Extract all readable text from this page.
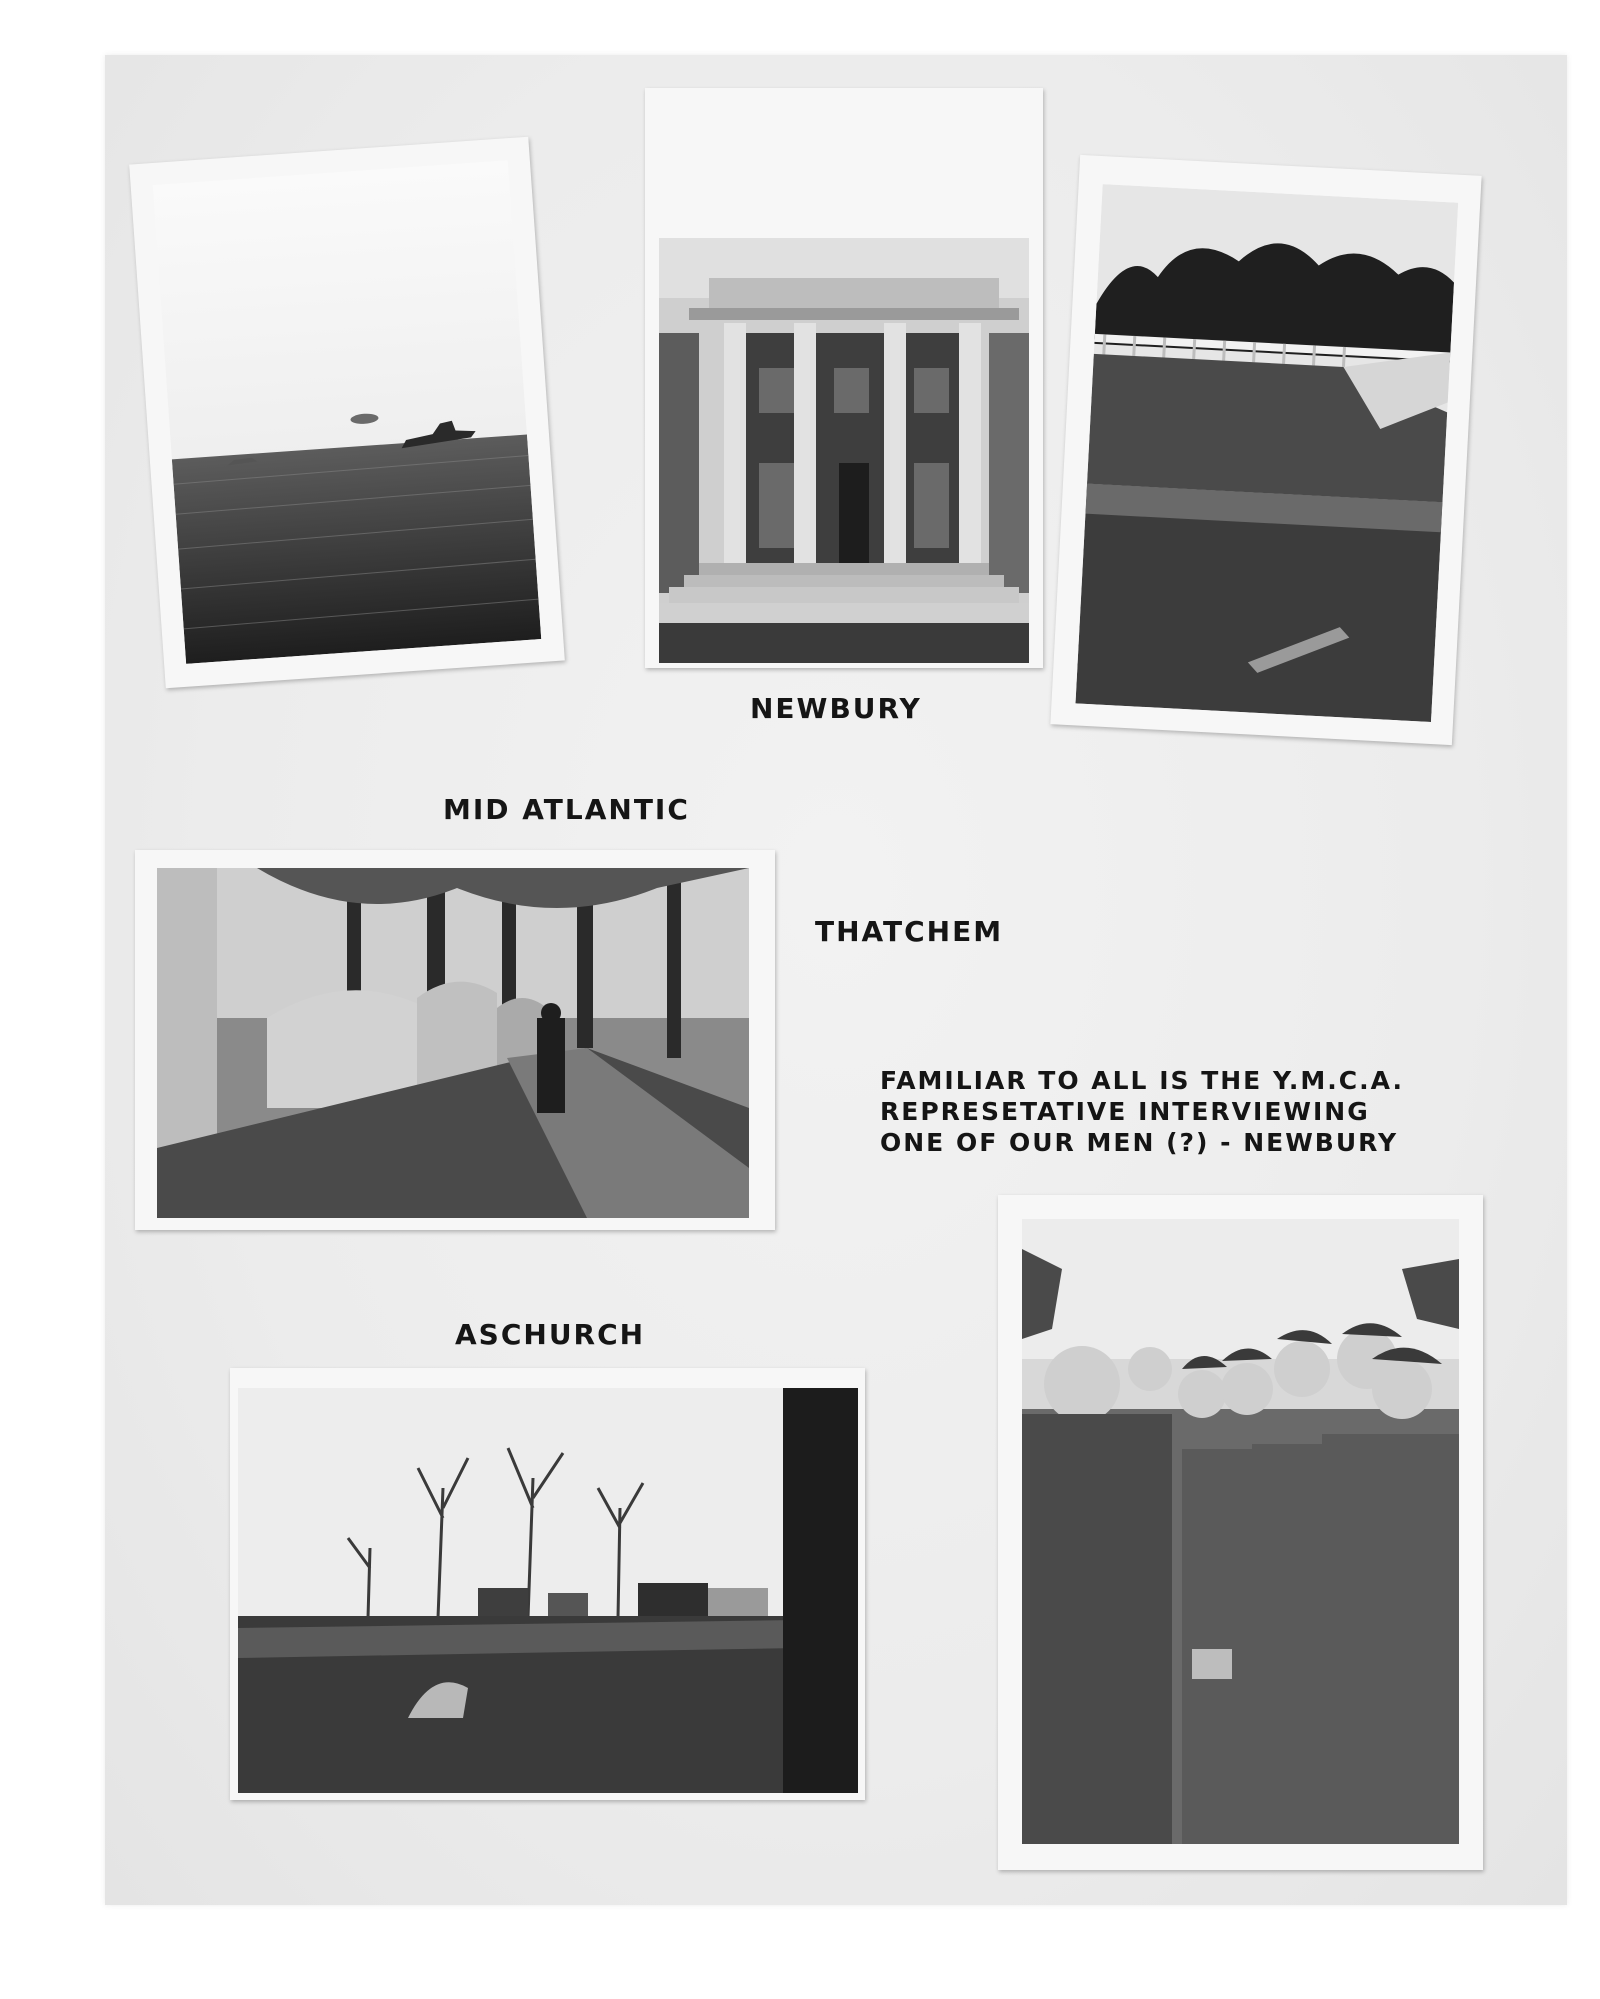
MID ATLANTIC
NEWBURY
THATCHEM
FAMILIAR TO ALL IS THE Y.M.C.A.
REPRESETATIVE INTERVIEWING
ONE OF OUR MEN (?) - NEWBURY
ASCHURCH
